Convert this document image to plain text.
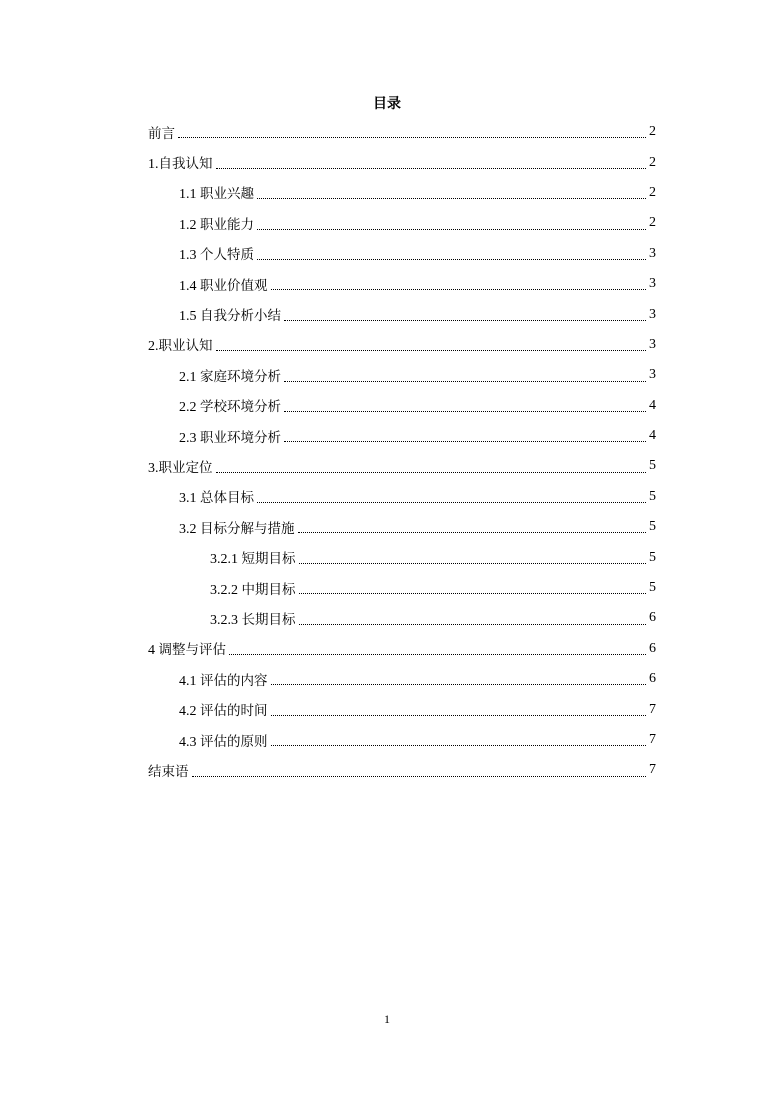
目录
前言	2
1.自我认知	2
1.1 职业兴趣	2
1.2 职业能力	2
1.3 个人特质	3
1.4 职业价值观	3
1.5 自我分析小结	3
2.职业认知	3
2.1 家庭环境分析	3
2.2 学校环境分析	4
2.3 职业环境分析	4
3.职业定位	5
3.1 总体目标	5
3.2 目标分解与措施	5
3.2.1 短期目标	5
3.2.2 中期目标	5
3.2.3 长期目标	6
4 调整与评估	6
4.1 评估的内容	6
4.2 评估的时间	7
4.3 评估的原则	7
结束语	7
1
